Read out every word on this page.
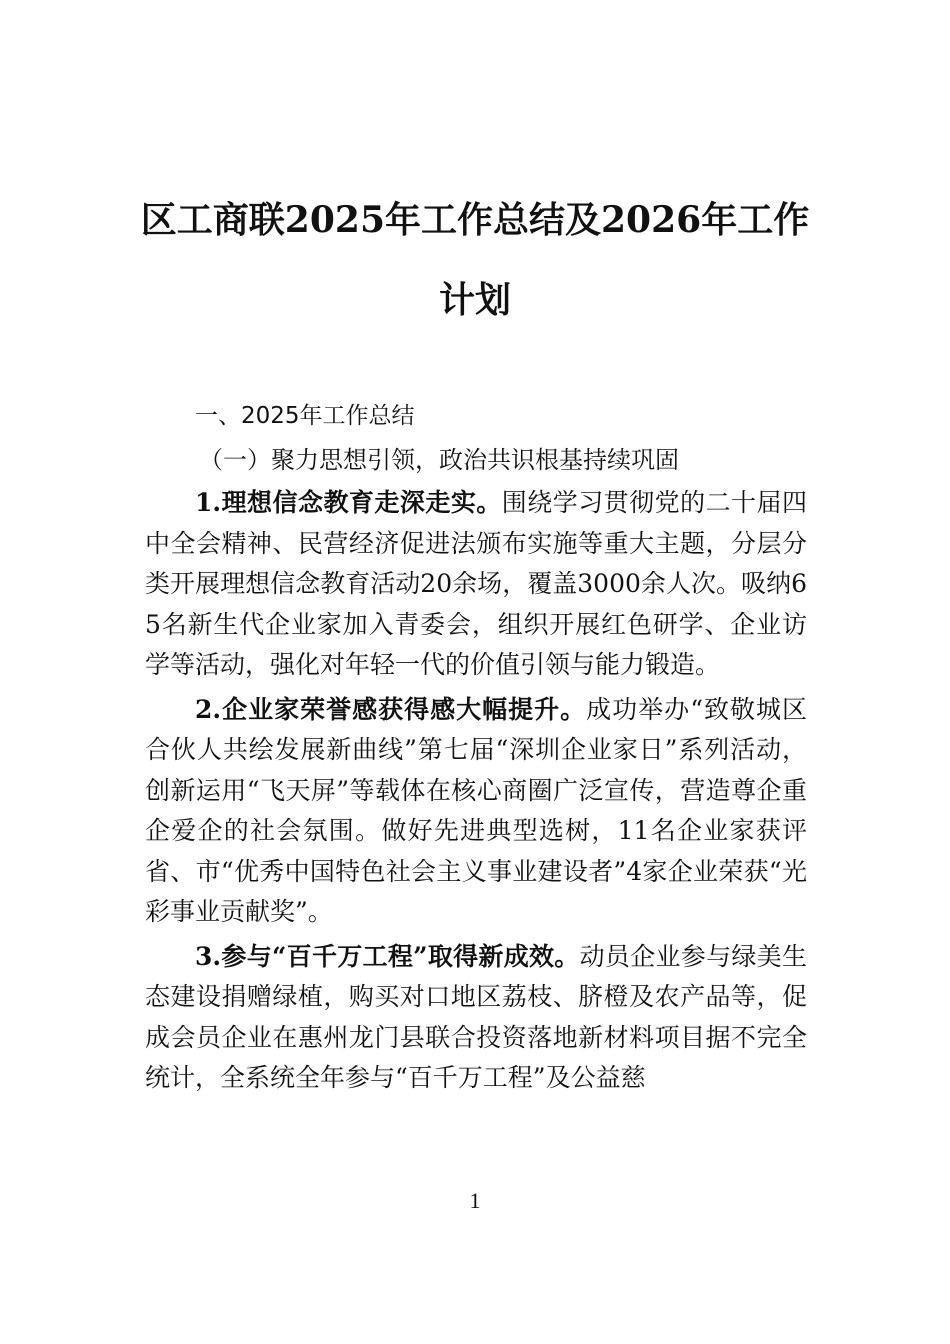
区工商联2025年工作总结及2026年工作计划

一、2025年工作总结

（一）聚力思想引领，政治共识根基持续巩固

1.理想信念教育走深走实。围绕学习贯彻党的二十届四中全会精神、民营经济促进法颁布实施等重大主题，分层分类开展理想信念教育活动20余场，覆盖3000余人次。吸纳65名新生代企业家加入青委会，组织开展红色研学、企业访学等活动，强化对年轻一代的价值引领与能力锻造。

2.企业家荣誉感获得感大幅提升。成功举办“致敬城区合伙人共绘发展新曲线”第七届“深圳企业家日”系列活动，创新运用“飞天屏”等载体在核心商圈广泛宣传，营造尊企重企爱企的社会氛围。做好先进典型选树，11名企业家获评省、市“优秀中国特色社会主义事业建设者”4家企业荣获“光彩事业贡献奖”。

3.参与“百千万工程”取得新成效。动员企业参与绿美生态建设捐赠绿植，购买对口地区荔枝、脐橙及农产品等，促成会员企业在惠州龙门县联合投资落地新材料项目据不完全统计，全系统全年参与“百千万工程”及公益慈

1
